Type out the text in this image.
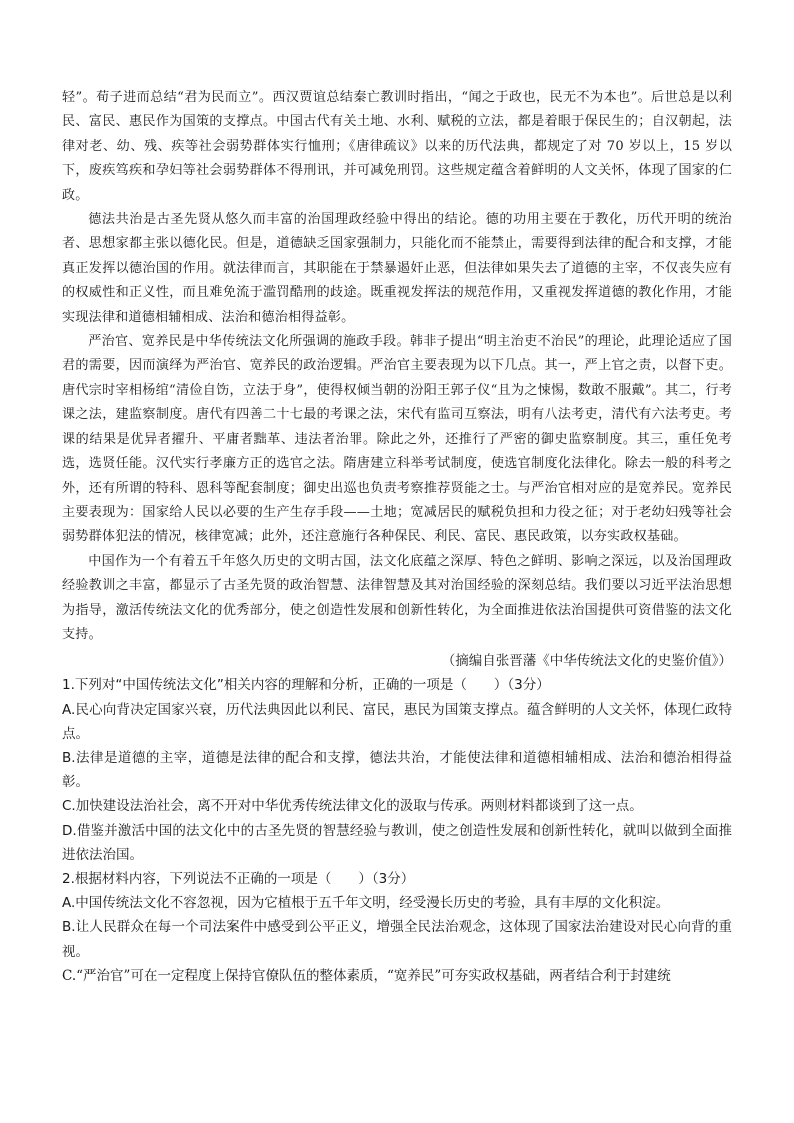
轻”。荀子进而总结“君为民而立”。西汉贾谊总结秦亡教训时指出，“闻之于政也，民无不为本也”。后世总是以利民、富民、惠民作为国策的支撑点。中国古代有关土地、水利、赋税的立法，都是着眼于保民生的；自汉朝起，法律对老、幼、残、疾等社会弱势群体实行恤刑；《唐律疏议》以来的历代法典，都规定了对 70 岁以上，15 岁以下，废疾笃疾和孕妇等社会弱势群体不得刑讯，并可减免刑罚。这些规定蕴含着鲜明的人文关怀，体现了国家的仁政。

德法共治是古圣先贤从悠久而丰富的治国理政经验中得出的结论。德的功用主要在于教化，历代开明的统治者、思想家都主张以德化民。但是，道德缺乏国家强制力，只能化而不能禁止，需要得到法律的配合和支撑，才能真正发挥以德治国的作用。就法律而言，其职能在于禁暴遏奸止恶，但法律如果失去了道德的主宰，不仅丧失应有的权威性和正义性，而且难免流于滥罚酷刑的歧途。既重视发挥法的规范作用，又重视发挥道德的教化作用，才能实现法律和道德相辅相成、法治和德治相得益彰。

严治官、宽养民是中华传统法文化所强调的施政手段。韩非子提出“明主治吏不治民”的理论，此理论适应了国君的需要，因而演绎为严治官、宽养民的政治逻辑。严治官主要表现为以下几点。其一，严上官之责，以督下吏。唐代宗时宰相杨绾“清俭自饬，立法于身”，使得权倾当朝的汾阳王郭子仪“且为之悚惕，数敢不服戴”。其二，行考课之法，建监察制度。唐代有四善二十七最的考课之法，宋代有监司互察法，明有八法考吏，清代有六法考吏。考课的结果是优异者擢升、平庸者黜革、违法者治罪。除此之外，还推行了严密的御史监察制度。其三，重任免考选，选贤任能。汉代实行孝廉方正的选官之法。隋唐建立科举考试制度，使选官制度化法律化。除去一般的科考之外，还有所谓的特科、恩科等配套制度；御史出巡也负责考察推荐贤能之士。与严治官相对应的是宽养民。宽养民主要表现为：国家给人民以必要的生产生存手段——土地；宽减居民的赋税负担和力役之征；对于老幼妇残等社会弱势群体犯法的情况，核律宽减；此外，还注意施行各种保民、利民、富民、惠民政策，以夯实政权基础。

中国作为一个有着五千年悠久历史的文明古国，法文化底蕴之深厚、特色之鲜明、影响之深远，以及治国理政经验教训之丰富，都显示了古圣先贤的政治智慧、法律智慧及其对治国经验的深刻总结。我们要以习近平法治思想为指导，激活传统法文化的优秀部分，使之创造性发展和创新性转化，为全面推进依法治国提供可资借鉴的法文化支持。

（摘编自张晋藩《中华传统法文化的史鉴价值》）

1.下列对“中国传统法文化”相关内容的理解和分析，正确的一项是（　　）（3分）

A.民心向背决定国家兴衰，历代法典因此以利民、富民，惠民为国策支撑点。蕴含鲜明的人文关怀，体现仁政特点。

B.法律是道德的主宰，道德是法律的配合和支撑，德法共治，才能使法律和道德相辅相成、法治和德治相得益彰。

C.加快建设法治社会，离不开对中华优秀传统法律文化的汲取与传承。两则材料都谈到了这一点。

D.借鉴并激活中国的法文化中的古圣先贤的智慧经验与教训，使之创造性发展和创新性转化，就叫以做到全面推进依法治国。

2.根据材料内容，下列说法不正确的一项是（　　）（3分）

A.中国传统法文化不容忽视，因为它植根于五千年文明，经受漫长历史的考验，具有丰厚的文化积淀。

B.让人民群众在每一个司法案件中感受到公平正义，增强全民法治观念，这体现了国家法治建设对民心向背的重视。

C.“严治官”可在一定程度上保持官僚队伍的整体素质，“宽养民”可夯实政权基础，两者结合利于封建统
